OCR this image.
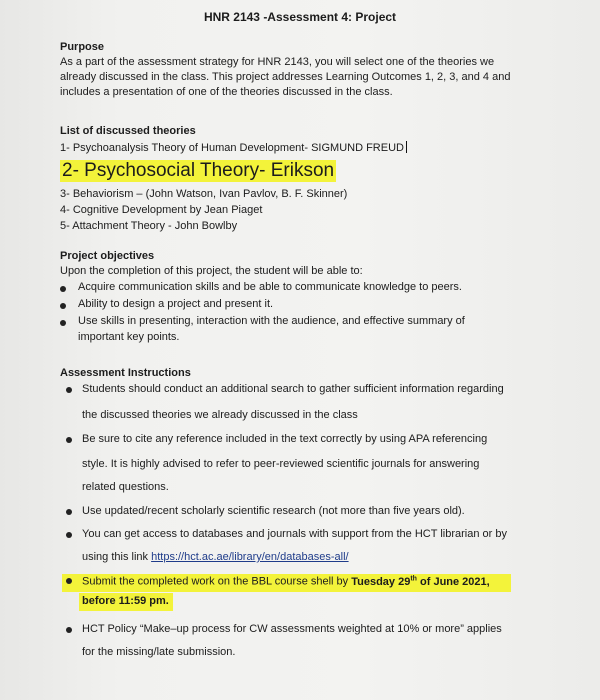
HNR 2143 -Assessment 4: Project
Purpose
As a part of the assessment strategy for HNR 2143, you will select one of the theories we
already discussed in the class. This project addresses Learning Outcomes 1, 2, 3, and 4 and
includes a presentation of one of the theories discussed in the class.
List of discussed theories
1- Psychoanalysis Theory of Human Development- SIGMUND FREUD
2- Psychosocial Theory- Erikson
3- Behaviorism – (John Watson, Ivan Pavlov, B. F. Skinner)
4- Cognitive Development by Jean Piaget
5- Attachment Theory - John Bowlby
Project objectives
Upon the completion of this project, the student will be able to:
Acquire communication skills and be able to communicate knowledge to peers.
Ability to design a project and present it.
Use skills in presenting, interaction with the audience, and effective summary of
important key points.
Assessment Instructions
Students should conduct an additional search to gather sufficient information regarding
the discussed theories we already discussed in the class
Be sure to cite any reference included in the text correctly by using APA referencing
style. It is highly advised to refer to peer-reviewed scientific journals for answering
related questions.
Use updated/recent scholarly scientific research (not more than five years old).
You can get access to databases and journals with support from the HCT librarian or by
using this link https://hct.ac.ae/library/en/databases-all/
Submit the completed work on the BBL course shell by Tuesday 29th of June 2021,
before 11:59 pm.
HCT Policy “Make–up process for CW assessments weighted at 10% or more” applies
for the missing/late submission.
